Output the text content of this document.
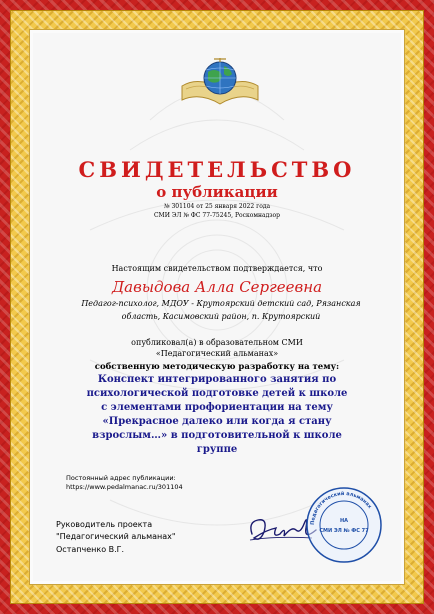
СВИДЕТЕЛЬСТВО
о публикации
№ 301104 от 25 января 2022 года
СМИ ЭЛ № ФС 77-75245, Роскомнадзор
Настоящим свидетельством подтверждается, что
Давыдова Алла Сергеевна
Педагог-психолог, МДОУ - Крутоярский детский сад, Рязанская область, Касимовский район, п. Крутоярский
опубликовал(а) в образовательном СМИ
«Педагогический альманах»
собственную методическую разработку на тему:
Конспект интегрированного занятия по психологической подготовке детей к школе с элементами профориентации на тему «Прекрасное далеко или когда я стану взрослым…» в подготовительной к школе группе
Постоянный адрес публикации:
https://www.pedalmanac.ru/301104
Руководитель проекта
"Педагогический альманах"
Остапченко В.Г.
Педагогический альманах
НА
СМИ ЭЛ № ФС 77
